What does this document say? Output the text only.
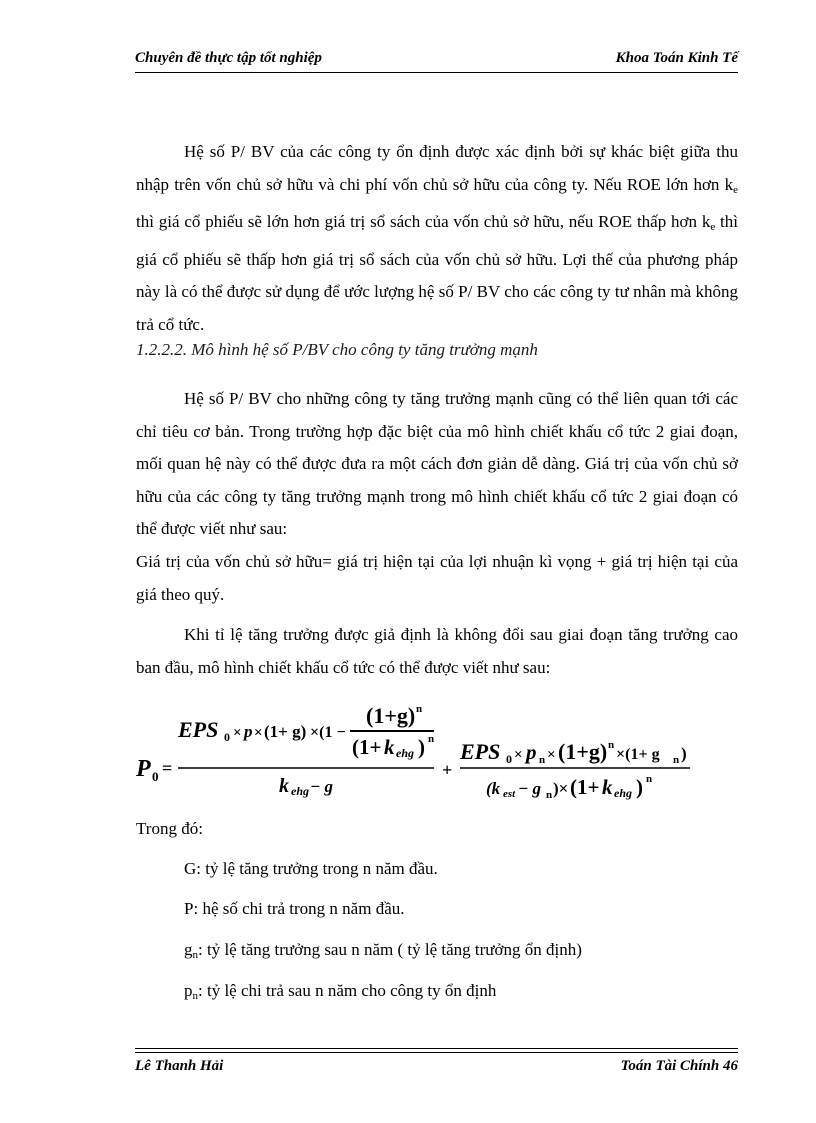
Chuyên đề thực tập tốt nghiệp	Khoa Toán Kinh Tế

Hệ số P/ BV của các công ty ổn định được xác định bởi sự khác biệt giữa thu nhập trên vốn chủ sở hữu và chi phí vốn chủ sở hữu của công ty. Nếu ROE lớn hơn $k_e$ thì giá cổ phiếu sẽ lớn hơn giá trị sổ sách của vốn chủ sở hữu, nếu ROE thấp hơn $k_e$ thì giá cổ phiếu sẽ thấp hơn giá trị sổ sách của vốn chủ sở hữu. Lợi thế của phương pháp này là có thể được sử dụng để ước lượng hệ số P/ BV cho các công ty tư nhân mà không trả cổ tức.

1.2.2.2. Mô hình hệ số P/BV cho công ty tăng trưởng mạnh

Hệ số P/ BV cho những công ty tăng trưởng mạnh cũng có thể liên quan tới các chỉ tiêu cơ bản. Trong trường hợp đặc biệt của mô hình chiết khấu cổ tức 2 giai đoạn, mối quan hệ này có thể được đưa ra một cách đơn giản dễ dàng. Giá trị của vốn chủ sở hữu của các công ty tăng trưởng mạnh trong mô hình chiết khấu cổ tức 2 giai đoạn có thể được viết như sau:

Giá trị của vốn chủ sở hữu= giá trị hiện tại của lợi nhuận kì vọng + giá trị hiện tại của giá theo quý.

Khi tỉ lệ tăng trưởng được giả định là không đổi sau giai đoạn tăng trưởng cao ban đầu, mô hình chiết khấu cổ tức có thể được viết như sau:

P 0 =
EPS 0 × p × (1+ g) ×(1 −
(1+g) n
(1+ k ehg ) n
k ehg − g
+
EPS 0 × p n × (1+g) n
×(1+ g n )
(k est − g n )× (1+ k ehg ) n
Trong đó:
G: tỷ lệ tăng trưởng trong n năm đầu.
P: hệ số chi trả trong n năm đầu.
$g_n$: tỷ lệ tăng trưởng sau n năm ( tỷ lệ tăng trưởng ổn định)
$p_n$: tỷ lệ chi trả sau n năm cho công ty ổn định
Lê Thanh Hải	Toán Tài Chính 46
